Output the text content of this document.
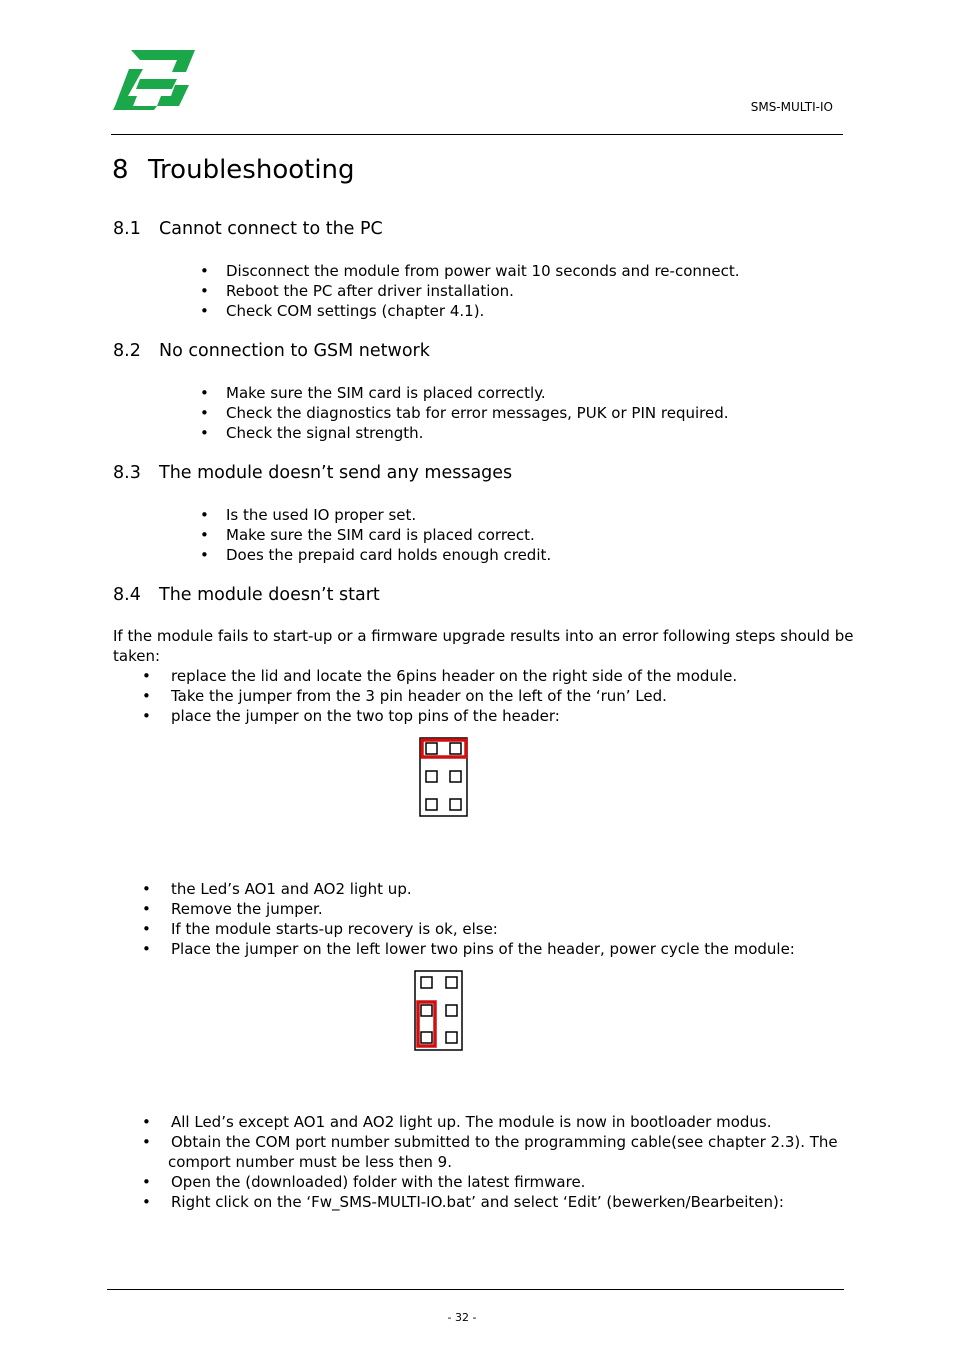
SMS-MULTI-IO
8 Troubleshooting
8.1 Cannot connect to the PC
• Disconnect the module from power wait 10 seconds and re-connect.
• Reboot the PC after driver installation.
• Check COM settings (chapter 4.1).
8.2 No connection to GSM network
• Make sure the SIM card is placed correctly.
• Check the diagnostics tab for error messages, PUK or PIN required.
• Check the signal strength.
8.3 The module doesn’t send any messages
• Is the used IO proper set.
• Make sure the SIM card is placed correct.
• Does the prepaid card holds enough credit.
8.4 The module doesn’t start
If the module fails to start-up or a firmware upgrade results into an error following steps should be
taken:
• replace the lid and locate the 6pins header on the right side of the module.
• Take the jumper from the 3 pin header on the left of the ‘run’ Led.
• place the jumper on the two top pins of the header:
• the Led’s AO1 and AO2 light up.
• Remove the jumper.
• If the module starts-up recovery is ok, else:
• Place the jumper on the left lower two pins of the header, power cycle the module:
• All Led’s except AO1 and AO2 light up. The module is now in bootloader modus.
• Obtain the COM port number submitted to the programming cable(see chapter 2.3). The
comport number must be less then 9.
• Open the (downloaded) folder with the latest firmware.
• Right click on the ‘Fw_SMS-MULTI-IO.bat’ and select ‘Edit’ (bewerken/Bearbeiten):
- 32 -
